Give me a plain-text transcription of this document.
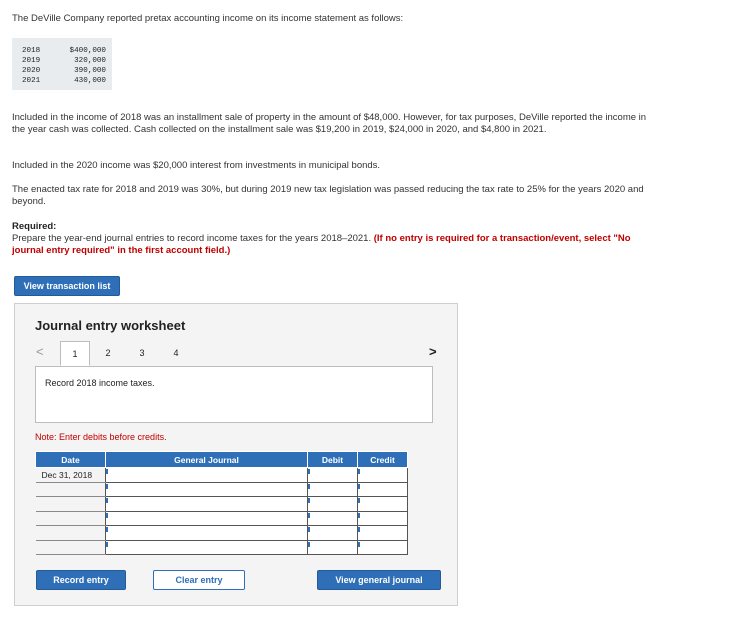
The DeVille Company reported pretax accounting income on its income statement as follows:
2018	$400,000
2019	320,000
2020	390,000
2021	430,000
Included in the income of 2018 was an installment sale of property in the amount of $48,000. However, for tax purposes, DeVille reported the income in the year cash was collected. Cash collected on the installment sale was $19,200 in 2019, $24,000 in 2020, and $4,800 in 2021.
Included in the 2020 income was $20,000 interest from investments in municipal bonds.
The enacted tax rate for 2018 and 2019 was 30%, but during 2019 new tax legislation was passed reducing the tax rate to 25% for the years 2020 and beyond.
Required:
Prepare the year-end journal entries to record income taxes for the years 2018–2021. (If no entry is required for a transaction/event, select "No journal entry required" in the first account field.)
View transaction list
Journal entry worksheet
<	1	2	3	4	>
Record 2018 income taxes.
Note: Enter debits before credits.
Date	General Journal	Debit	Credit
Dec 31, 2018			

Record entry	Clear entry	View general journal
